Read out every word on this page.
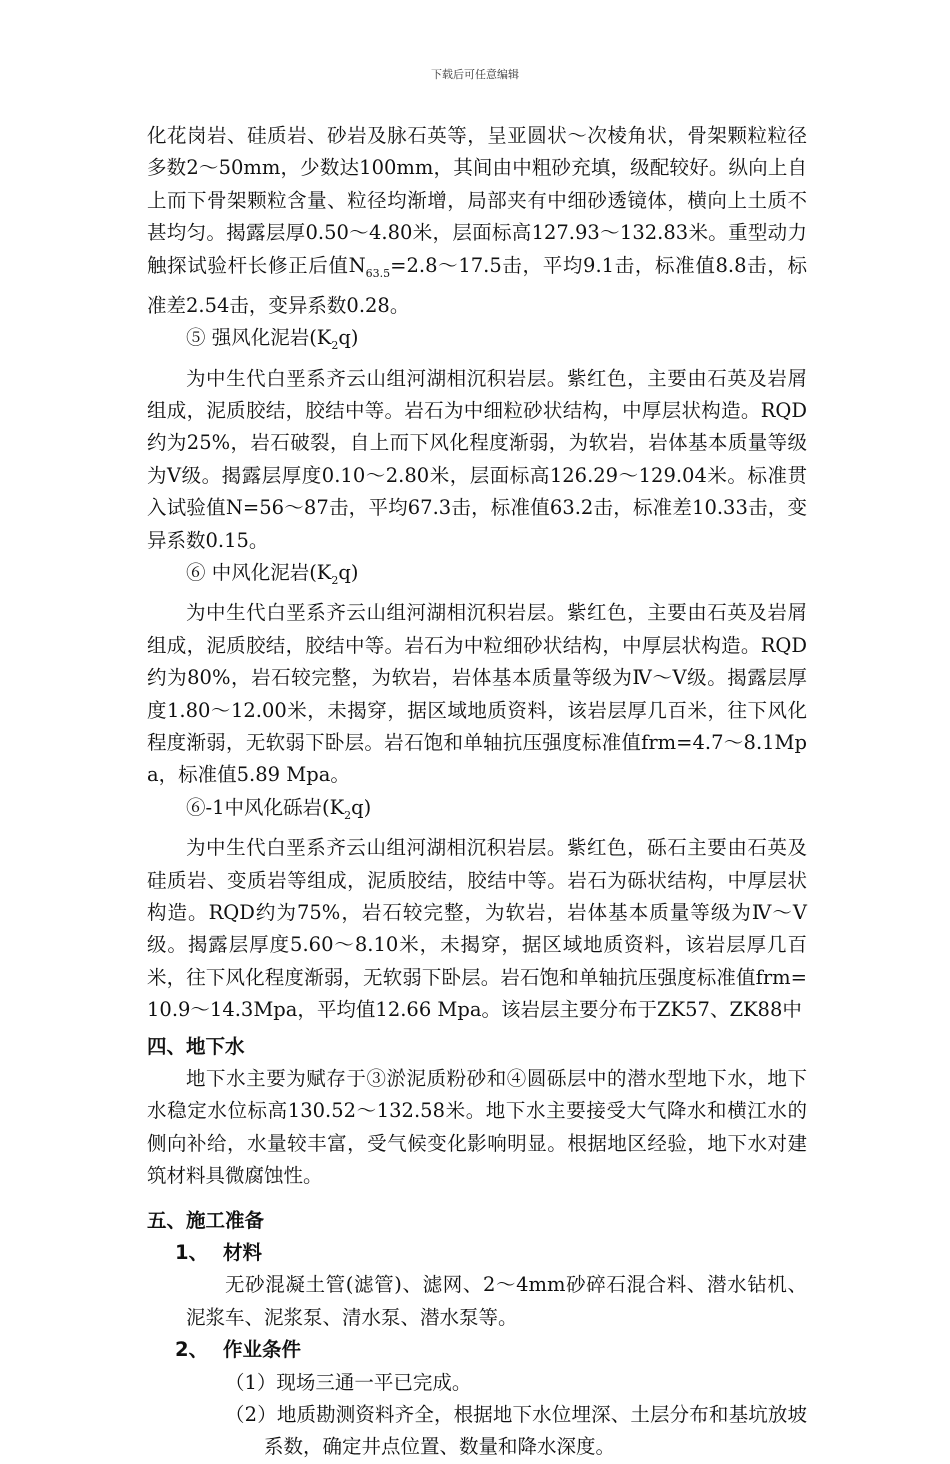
下载后可任意编辑

化花岗岩、硅质岩、砂岩及脉石英等，呈亚圆状～次棱角状，骨架颗粒粒径多数2～50mm，少数达100mm，其间由中粗砂充填，级配较好。纵向上自上而下骨架颗粒含量、粒径均渐增，局部夹有中细砂透镜体，横向上土质不甚均匀。揭露层厚0.50～4.80米，层面标高127.93～132.83米。重型动力触探试验杆长修正后值$N_{63.5}=2.8\sim 17.5$击，平均9.1击，标准值8.8击，标准差2.54击，变异系数0.28。

⑤ 强风化泥岩$(K_2q)$

为中生代白垩系齐云山组河湖相沉积岩层。紫红色，主要由石英及岩屑组成，泥质胶结，胶结中等。岩石为中细粒砂状结构，中厚层状构造。RQD约为25%，岩石破裂，自上而下风化程度渐弱，为软岩，岩体基本质量等级为Ⅴ级。揭露层厚度0.10～2.80米，层面标高126.29～129.04米。标准贯入试验值N=56～87击，平均67.3击，标准值63.2击，标准差10.33击，变异系数0.15。

⑥ 中风化泥岩$(K_2q)$

为中生代白垩系齐云山组河湖相沉积岩层。紫红色，主要由石英及岩屑组成，泥质胶结，胶结中等。岩石为中粒细砂状结构，中厚层状构造。RQD约为80%，岩石较完整，为软岩，岩体基本质量等级为Ⅳ～Ⅴ级。揭露层厚度1.80～12.00米，未揭穿，据区域地质资料，该岩层厚几百米，往下风化程度渐弱，无软弱下卧层。岩石饱和单轴抗压强度标准值frm=4.7～8.1Mpa，标准值5.89 Mpa。

⑥-1中风化砾岩$(K_2q)$

为中生代白垩系齐云山组河湖相沉积岩层。紫红色，砾石主要由石英及硅质岩、变质岩等组成，泥质胶结，胶结中等。岩石为砾状结构，中厚层状构造。RQD约为75%，岩石较完整，为软岩，岩体基本质量等级为Ⅳ～Ⅴ级。揭露层厚度5.60～8.10米，未揭穿，据区域地质资料，该岩层厚几百米，往下风化程度渐弱，无软弱下卧层。岩石饱和单轴抗压强度标准值frm=10.9～14.3Mpa，平均值12.66 Mpa。该岩层主要分布于ZK57、ZK88中

四、地下水

地下水主要为赋存于③淤泥质粉砂和④圆砾层中的潜水型地下水，地下水稳定水位标高130.52～132.58米。地下水主要接受大气降水和横江水的侧向补给，水量较丰富，受气候变化影响明显。根据地区经验，地下水对建筑材料具微腐蚀性。

五、施工准备

1、 材料

无砂混凝土管(滤管)、滤网、2～4mm砂碎石混合料、潜水钻机、泥浆车、泥浆泵、清水泵、潜水泵等。

2、 作业条件

（1）现场三通一平已完成。

（2）地质勘测资料齐全，根据地下水位埋深、土层分布和基坑放坡系数，确定井点位置、数量和降水深度。
